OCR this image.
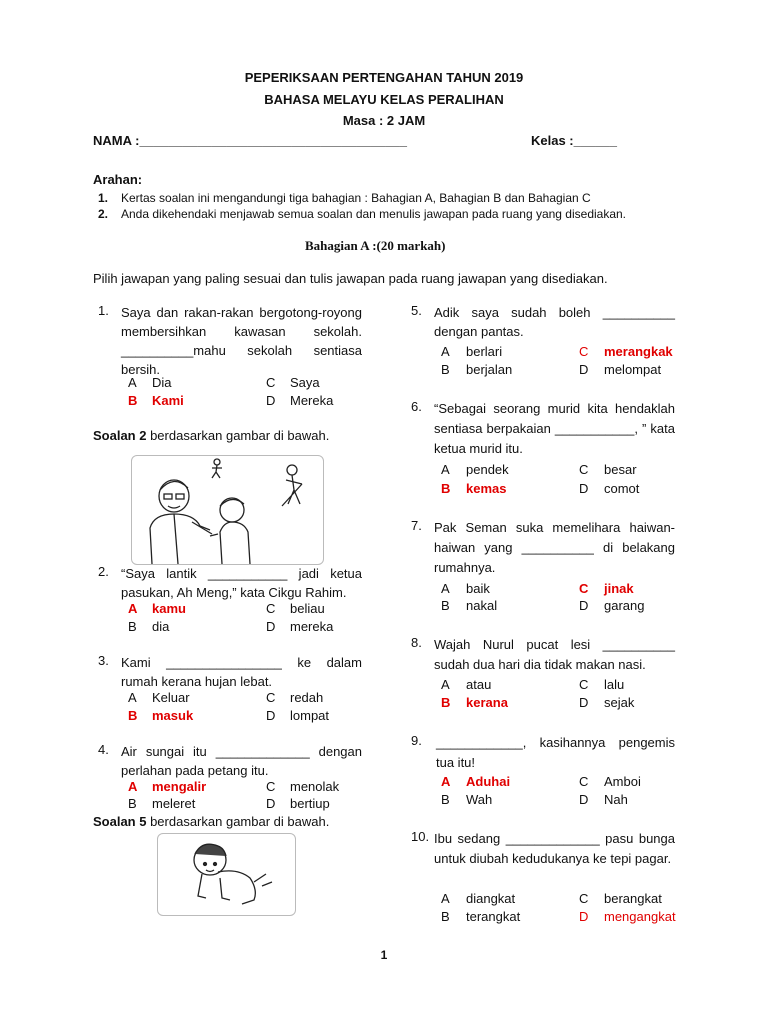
PEPERIKSAAN PERTENGAHAN TAHUN 2019
BAHASA MELAYU KELAS PERALIHAN
Masa : 2 JAM
NAMA :_____________________________________	Kelas :______
Arahan:
1. Kertas soalan ini mengandungi tiga bahagian : Bahagian A, Bahagian B dan Bahagian C
2. Anda dikehendaki menjawab semua soalan dan menulis jawapan pada ruang yang disediakan.
Bahagian A :(20 markah)
Pilih jawapan yang paling sesuai dan tulis jawapan pada ruang jawapan yang disediakan.
1. Saya dan rakan-rakan bergotong-royong membersihkan kawasan sekolah. __________mahu sekolah sentiasa bersih.
A Dia	C Saya
B Kami	D Mereka
Soalan 2 berdasarkan gambar di bawah.
2. “Saya lantik ___________ jadi ketua pasukan, Ah Meng,” kata Cikgu Rahim.
A kamu	C beliau
B dia	D mereka
3. Kami ________________ ke dalam rumah kerana hujan lebat.
A Keluar	C redah
B masuk	D lompat
4. Air sungai itu _____________ dengan perlahan pada petang itu.
A mengalir	C menolak
B meleret	D bertiup
Soalan 5 berdasarkan gambar di bawah.
5. Adik saya sudah boleh __________ dengan pantas.
A berlari	C merangkak
B berjalan	D melompat
6. “Sebagai seorang murid kita hendaklah sentiasa berpakaian ___________, ” kata ketua murid itu.
A pendek	C besar
B kemas	D comot
7. Pak Seman suka memelihara haiwan-haiwan yang __________ di belakang rumahnya.
A baik	C jinak
B nakal	D garang
8. Wajah Nurul pucat lesi __________ sudah dua hari dia tidak makan nasi.
A atau	C lalu
B kerana	D sejak
9. ____________, kasihannya pengemis tua itu!
A Aduhai	C Amboi
B Wah	D Nah
10. Ibu sedang _____________ pasu bunga untuk diubah kedudukanya ke tepi pagar.
A diangkat	C berangkat
B terangkat	D mengangkat
1
